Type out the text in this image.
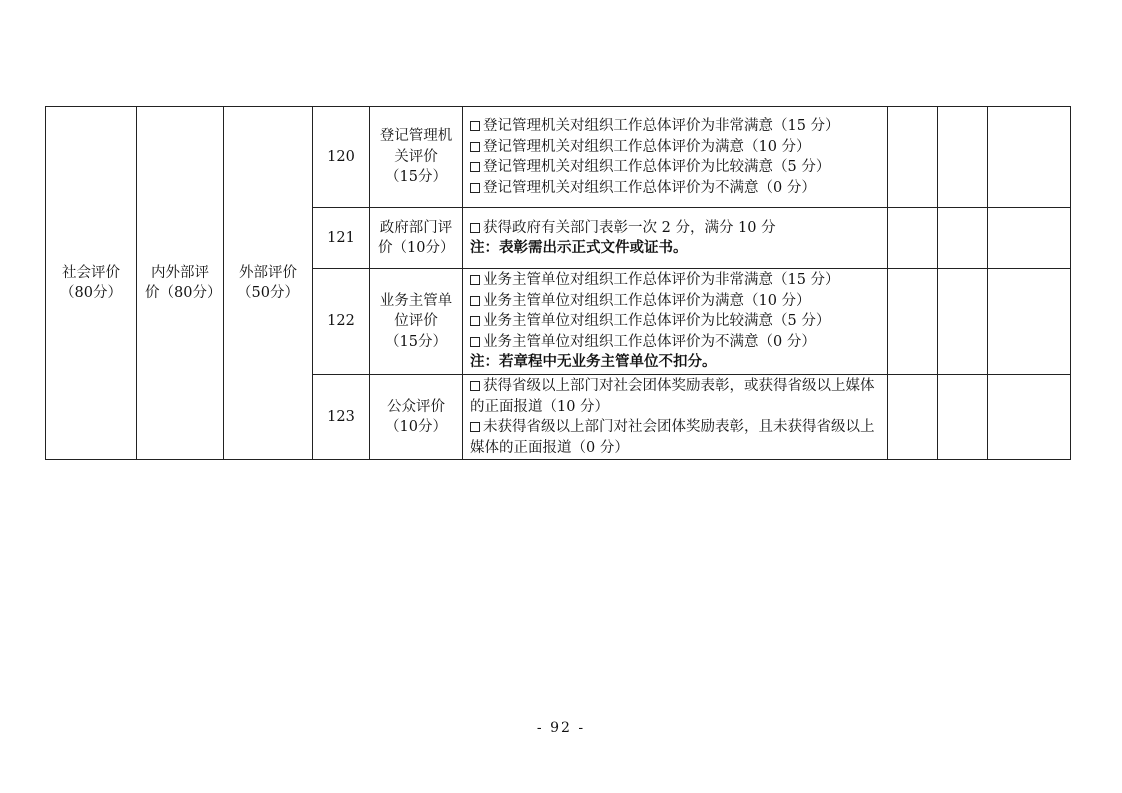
社会评价（80分）	内外部评价（80分）	外部评价（50分）	120	登记管理机关评价（15分）	登记管理机关对组织工作总体评价为非常满意（15 分）
登记管理机关对组织工作总体评价为满意（10 分）
登记管理机关对组织工作总体评价为比较满意（5 分）
登记管理机关对组织工作总体评价为不满意（0 分）			

			121	政府部门评价（10分）	获得政府有关部门表彰一次 2 分，满分 10 分
注：表彰需出示正式文件或证书。			

			122	业务主管单位评价（15分）	业务主管单位对组织工作总体评价为非常满意（15 分）
业务主管单位对组织工作总体评价为满意（10 分）
业务主管单位对组织工作总体评价为比较满意（5 分）
业务主管单位对组织工作总体评价为不满意（0 分）
注：若章程中无业务主管单位不扣分。			

			123	公众评价（10分）	获得省级以上部门对社会团体奖励表彰，或获得省级以上媒体的正面报道（10 分）
未获得省级以上部门对社会团体奖励表彰，且未获得省级以上媒体的正面报道（0 分）			

- 92 -
